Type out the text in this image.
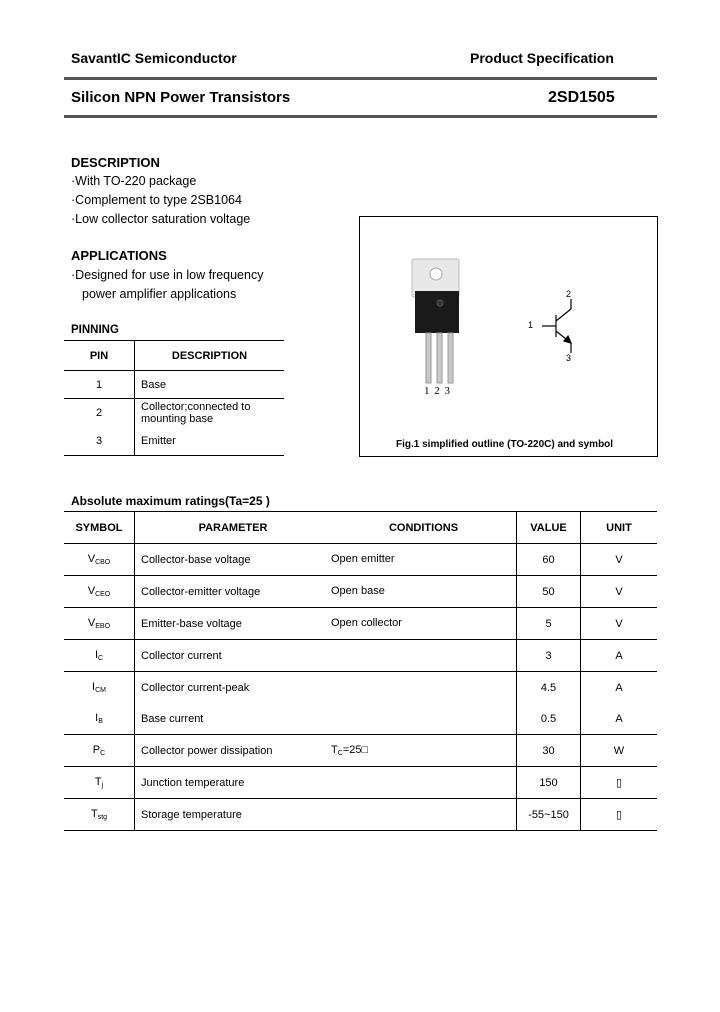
SavantIC Semiconductor	Product Specification
Silicon NPN Power Transistors	2SD1505
DESCRIPTION
·With TO-220 package
·Complement to type 2SB1064
·Low collector saturation voltage
APPLICATIONS
·Designed for use in low frequency
power amplifier applications
PINNING
PIN	DESCRIPTION
1	Base
2	Collector;connected to
mounting base
3	Emitter
1 2 3
1
2
3
Fig.1 simplified outline (TO-220C) and symbol
Absolute maximum ratings(Ta=25 )
SYMBOL	PARAMETER	CONDITIONS	VALUE	UNIT
$V_{CBO}$	Collector-base voltage	Open emitter	60	V
$V_{CEO}$	Collector-emitter voltage	Open base	50	V
$V_{EBO}$	Emitter-base voltage	Open collector	5	V
$I_C$	Collector current		3	A
$I_{CM}$	Collector current-peak		4.5	A
$I_B$	Base current		0.5	A
$P_C$	Collector power dissipation	$T_C=25□$	30	W
$T_j$	Junction temperature		150	▯
$T_{stg}$	Storage temperature		-55~150	▯
